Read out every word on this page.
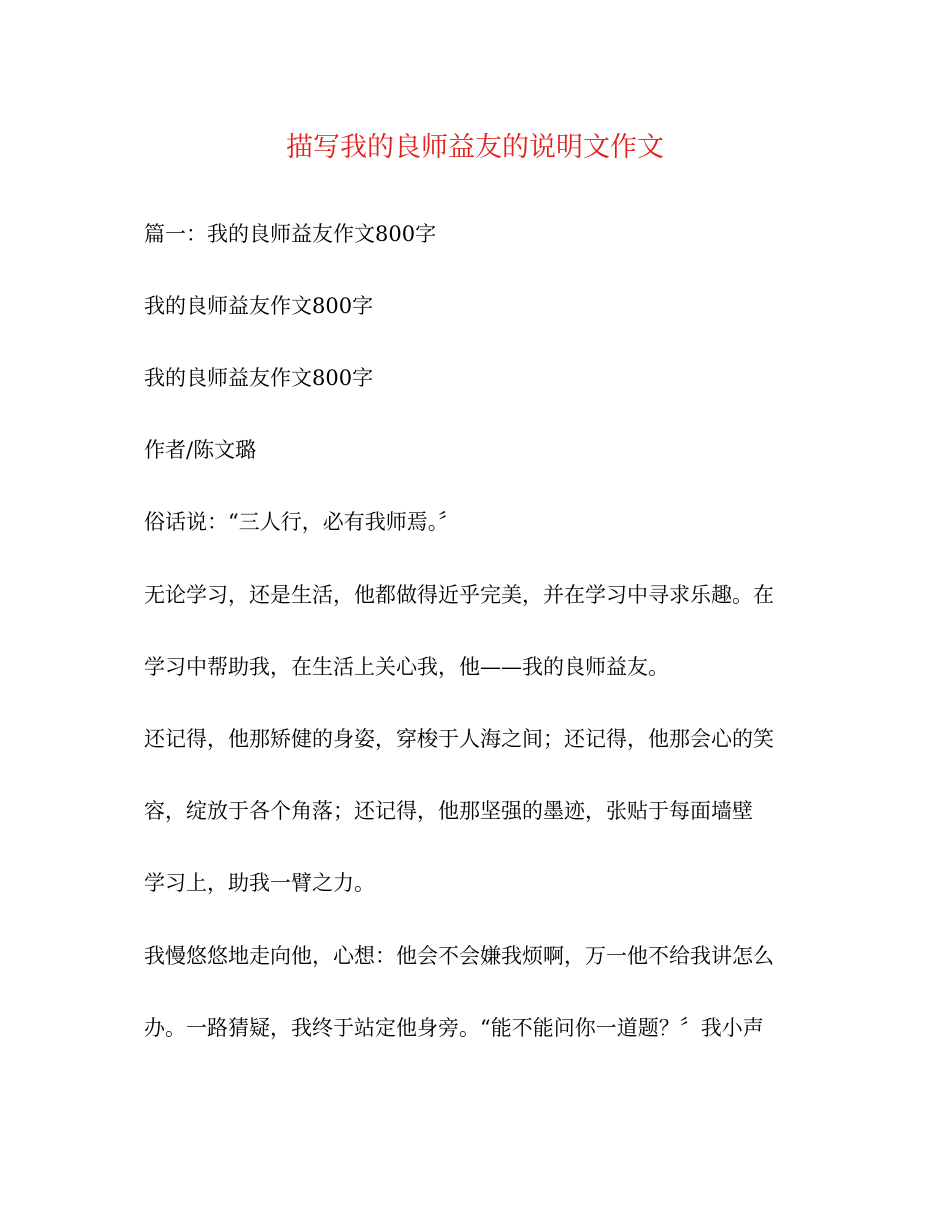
描写我的良师益友的说明文作文
篇一：我的良师益友作文800字
我的良师益友作文800字
我的良师益友作文800字
作者/陈文璐
俗话说：“三人行，必有我师焉。〞
无论学习，还是生活，他都做得近乎完美，并在学习中寻求乐趣。在
学习中帮助我，在生活上关心我，他——我的良师益友。
还记得，他那矫健的身姿，穿梭于人海之间；还记得，他那会心的笑
容，绽放于各个角落；还记得，他那坚强的墨迹，张贴于每面墙壁
学习上，助我一臂之力。
我慢悠悠地走向他，心想：他会不会嫌我烦啊，万一他不给我讲怎么
办。一路猜疑，我终于站定他身旁。“能不能问你一道题？〞我小声
